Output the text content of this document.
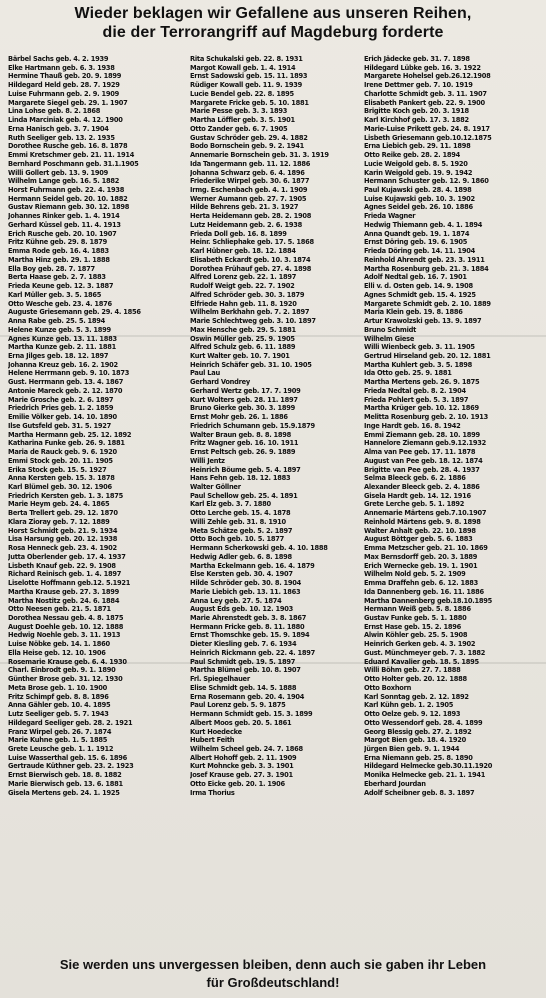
Wieder beklagen wir Gefallene aus unseren Reihen,
die der Terrorangriff auf Magdeburg forderte
Bärbel Sachs geb. 4. 2. 1939
Elke Hartmann geb. 6. 3. 1938
Hermine Thauß geb. 20. 9. 1899
Hildegard Held geb. 28. 7. 1929
Luise Fuhrmann geb. 2. 9. 1909
Margarete Siegel geb. 29. 1. 1907
Lina Lohse geb. 8. 2. 1868
Linda Marciniak geb. 4. 12. 1900
Erna Hanisch geb. 3. 7. 1904
Ruth Seeliger geb. 13. 2. 1935
Dorothee Rusche geb. 16. 8. 1878
Emmi Kretschmer geb. 21. 11. 1914
Bernhard Poschmann geb. 31.1.1905
Willi Gollert geb. 13. 9. 1909
Wilhelm Lange geb. 16. 5. 1882
Horst Fuhrmann geb. 22. 4. 1938
Hermann Seidel geb. 20. 10. 1882
Gustav Riemann geb. 30. 12. 1898
Johannes Rinker geb. 1. 4. 1914
Gerhard Küssel geb. 11. 4. 1913
Erich Rusche geb. 20. 10. 1907
Fritz Kühne geb. 29. 8. 1879
Emma Rode geb. 16. 4. 1883
Martha Hinz geb. 29. 1. 1888
Ella Boy geb. 28. 7. 1877
Berta Haase geb. 2. 7. 1883
Frieda Keune geb. 12. 3. 1887
Karl Müller geb. 3. 5. 1865
Otto Wesche geb. 23. 4. 1876
Auguste Griesemann geb. 29. 4. 1856
Anna Rabe geb. 25. 5. 1894
Helene Kunze geb. 5. 3. 1899
Agnes Kunze geb. 13. 11. 1883
Martha Kunze geb. 2. 11. 1881
Erna Jilges geb. 18. 12. 1897
Johanna Kreuz geb. 16. 2. 1902
Helene Herrmann geb. 9. 10. 1873
Gust. Herrmann geb. 13. 4. 1867
Antonie Mareck geb. 2. 12. 1870
Marie Grosche geb. 2. 6. 1897
Friedrich Pries geb. 1. 2. 1859
Emilie Völker geb. 14. 10. 1890
Ilse Gutsfeld geb. 31. 5. 1927
Martha Hermann geb. 25. 12. 1892
Katharina Funke geb. 26. 9. 1881
Maria de Rauck geb. 9. 6. 1920
Emmi Stock geb. 20. 11. 1905
Erika Stock geb. 15. 5. 1927
Anna Kersten geb. 15. 3. 1878
Karl Blümel geb. 30. 12. 1906
Friedrich Kersten geb. 1. 3. 1875
Marie Heym geb. 24. 4. 1865
Berta Trellert geb. 29. 12. 1870
Klara Zioray geb. 7. 12. 1889
Horst Schmidt geb. 21. 9. 1934
Lisa Harsung geb. 20. 12. 1938
Rosa Henneck geb. 23. 4. 1902
Jutta Oberlender geb. 17. 4. 1937
Lisbeth Knauf geb. 22. 9. 1908
Richard Reinisch geb. 1. 4. 1897
Liselotte Hoffmann geb.12. 5.1921
Martha Krause geb. 27. 3. 1899
Martha Nostitz geb. 24. 6. 1884
Otto Neesen geb. 21. 5. 1871
Dorothea Nessau geb. 4. 8. 1875
August Doehle geb. 10. 12. 1888
Hedwig Noehle geb. 3. 11. 1913
Luise Nöbke geb. 14. 1. 1860
Ella Heise geb. 12. 10. 1906
Rosemarie Krause geb. 6. 4. 1930
Charl. Einbrodt geb. 9. 1. 1890
Günther Brose geb. 31. 12. 1930
Meta Brose geb. 1. 10. 1900
Fritz Schimpf geb. 8. 8. 1896
Anna Gähler geb. 10. 4. 1895
Lutz Seeliger geb. 5. 7. 1943
Hildegard Seeliger geb. 28. 2. 1921
Franz Wirpel geb. 26. 7. 1874
Marie Kuhne geb. 1. 5. 1885
Grete Leusche geb. 1. 1. 1912
Luise Wasserthal geb. 15. 6. 1896
Gertraude Küthner geb. 23. 2. 1923
Ernst Bierwisch geb. 18. 8. 1882
Marie Bierwisch geb. 13. 6. 1881
Gisela Mertens geb. 24. 1. 1925
Rita Schukalski geb. 22. 8. 1931
Margot Kowall geb. 1. 4. 1914
Ernst Sadowski geb. 15. 11. 1893
Rüdiger Kowall geb. 11. 9. 1939
Lucie Bendel geb. 22. 8. 1895
Margarete Fricke geb. 5. 10. 1881
Marie Pesse geb. 3. 3. 1893
Martha Löffler geb. 3. 5. 1901
Otto Zander geb. 6. 7. 1905
Gustav Schröder geb. 29. 4. 1882
Bodo Bornschein geb. 9. 2. 1941
Annemarie Bornschein geb. 31. 3. 1919
Ida Tangermann geb. 11. 12. 1886
Johanna Schwarz geb. 6. 4. 1896
Friederike Wirpel geb. 30. 6. 1877
Irmg. Eschenbach geb. 4. 1. 1909
Werner Aumann geb. 27. 7. 1905
Hilde Behrens geb. 21. 3. 1927
Herta Heidemann geb. 28. 2. 1908
Lutz Heidemann geb. 2. 6. 1938
Frieda Doll geb. 16. 8. 1899
Heinr. Schliephake geb. 17. 5. 1868
Karl Hübner geb. 18. 12. 1884
Elisabeth Eckardt geb. 10. 3. 1874
Dorothea Frühauf geb. 27. 4. 1898
Alfred Lorenz geb. 22. 1. 1897
Rudolf Weigt geb. 22. 7. 1902
Alfred Schröder geb. 30. 3. 1879
Elfriede Hahn geb. 11. 8. 1920
Wilhelm Berkhahn geb. 7. 2. 1897
Marie Schlechtweg geb. 3. 10. 1897
Max Hensche geb. 29. 5. 1881
Oswin Müller geb. 25. 9. 1905
Alfred Schulz geb. 6. 11. 1889
Kurt Walter geb. 10. 7. 1901
Heinrich Schäfer geb. 31. 10. 1905
Paul Lau
Gerhard Vondrey
Gerhard Wertz geb. 17. 7. 1909
Kurt Wolters geb. 28. 11. 1897
Bruno Gierke geb. 30. 3. 1899
Ernst Mohr geb. 26. 1. 1886
Friedrich Schumann geb. 15.9.1879
Walter Braun geb. 8. 8. 1898
Fritz Wagner geb. 16. 10. 1911
Ernst Peltsch geb. 26. 9. 1889
Willi Jentz
Heinrich Böume geb. 5. 4. 1897
Hans Fehn geb. 18. 12. 1883
Walter Göllner
Paul Schellow geb. 25. 4. 1891
Karl Elz geb. 3. 7. 1880
Otto Lerche geb. 15. 4. 1878
Willi Zehle geb. 31. 8. 1910
Meta Schätze geb. 5. 2. 1897
Otto Boch geb. 10. 5. 1877
Hermann Scherkowski geb. 4. 10. 1888
Hedwig Adler geb. 6. 8. 1898
Martha Eckelmann geb. 16. 4. 1879
Else Kersten geb. 30. 4. 1907
Hilde Schröder geb. 30. 8. 1904
Marie Liebich geb. 13. 11. 1863
Anna Ley geb. 27. 5. 1874
August Eds geb. 10. 12. 1903
Marie Ahrenstedt geb. 3. 8. 1867
Hermann Fricke geb. 8. 11. 1880
Ernst Thomschke geb. 15. 9. 1894
Dieter Kiesling geb. 7. 6. 1934
Heinrich Rickmann geb. 22. 4. 1897
Paul Schmidt geb. 19. 5. 1897
Martha Blümel geb. 10. 8. 1907
Frl. Spiegelhauer
Elise Schmidt geb. 14. 5. 1888
Erna Rosemann geb. 20. 4. 1904
Paul Lorenz geb. 5. 9. 1875
Hermann Schmidt geb. 15. 3. 1899
Albert Moos geb. 20. 5. 1861
Kurt Hoedecke
Hubert Feith
Wilhelm Scheel geb. 24. 7. 1868
Albert Hohoff geb. 2. 11. 1909
Kurt Mohncke geb. 3. 3. 1901
Josef Krause geb. 27. 3. 1901
Otto Eicke geb. 20. 1. 1906
Irma Thorius
Erich Jädecke geb. 31. 7. 1898
Hildegard Lübke geb. 16. 3. 1922
Margarete Hohelsel geb.26.12.1908
Irene Dettmer geb. 7. 10. 1919
Charlotte Schmidt geb. 3. 11. 1907
Elisabeth Pankert geb. 22. 9. 1900
Brigitte Koch geb. 20. 3. 1918
Karl Kirchhof geb. 17. 3. 1882
Marie-Luise Prikett geb. 24. 8. 1917
Lisbeth Griesemann geb.10.12.1875
Erna Liebich geb. 29. 11. 1898
Otto Reike geb. 28. 2. 1894
Lucie Weigold geb. 8. 5. 1920
Karin Weigold geb. 19. 9. 1942
Hermann Schuster geb. 12. 9. 1860
Paul Kujawski geb. 28. 4. 1898
Luise Kujawski geb. 10. 3. 1902
Agnes Seidel geb. 26. 10. 1886
Frieda Wagner
Hedwig Thiemann geb. 4. 1. 1894
Anna Quandt geb. 19. 1. 1874
Ernst Döring geb. 19. 6. 1905
Frieda Döring geb. 14. 11. 1904
Reinhold Ahrendt geb. 23. 3. 1911
Martha Rosenburg geb. 21. 3. 1884
Adolf Nedtal geb. 16. 7. 1901
Elli v. d. Osten geb. 14. 9. 1908
Agnes Schmidt geb. 15. 4. 1925
Margarete Schmidt geb. 2. 10. 1889
Maria Klein geb. 19. 8. 1886
Artur Krawolzski geb. 13. 9. 1897
Bruno Schmidt
Wilhelm Giese
Willi Wienbeck geb. 3. 11. 1905
Gertrud Hirseland geb. 20. 12. 1881
Martha Kuhlert geb. 3. 5. 1898
Ida Otto geb. 25. 9. 1881
Martha Mertens geb. 26. 9. 1875
Frieda Nedtal geb. 8. 2. 1904
Frieda Pohlert geb. 5. 3. 1897
Martha Krüger geb. 10. 12. 1869
Melitta Rosenburg geb. 2. 10. 1913
Inge Hardt geb. 16. 8. 1942
Emmi Ziemann geb. 28. 10. 1899
Hannelore Ziemann geb.9.12.1932
Alma van Pee geb. 17. 11. 1878
August van Pee geb. 18. 12. 1874
Brigitte van Pee geb. 28. 4. 1937
Selma Bleeck geb. 6. 2. 1886
Alexander Bleeck geb. 2. 4. 1886
Gisela Hardt geb. 14. 12. 1916
Grete Lerche geb. 5. 1. 1892
Annemarie Märtens geb.7.10.1907
Reinhold Märtens geb. 9. 8. 1898
Walter Anhalt geb. 22. 10. 1898
August Böttger geb. 5. 6. 1883
Emma Metzscher geb. 21. 10. 1869
Max Bernsdorff geb. 20. 3. 1889
Erich Wernecke geb. 19. 1. 1901
Wilhelm Nold geb. 5. 2. 1909
Emma Draffehn geb. 6. 12. 1883
Ida Dannenberg geb. 16. 11. 1886
Martha Dannenberg geb.18.10.1895
Hermann Weiß geb. 5. 8. 1886
Gustav Funke geb. 5. 1. 1880
Ernst Hase geb. 15. 2. 1896
Alwin Köhler geb. 25. 5. 1908
Heinrich Gerken geb. 4. 3. 1902
Gust. Münchmeyer geb. 7. 3. 1882
Eduard Kavalier geb. 18. 5. 1895
Willi Böhm geb. 27. 7. 1888
Otto Holter geb. 20. 12. 1888
Otto Boxhorn
Karl Sonntag geb. 2. 12. 1892
Karl Kühn geb. 1. 2. 1905
Otto Oelze geb. 9. 12. 1893
Otto Wessendorf geb. 28. 4. 1899
Georg Blessig geb. 27. 2. 1892
Margot Bien geb. 18. 4. 1920
Jürgen Bien geb. 9. 1. 1944
Erna Niemann geb. 25. 8. 1890
Hildegard Helmecke geb.30.11.1920
Monika Helmecke geb. 21. 1. 1941
Eberhard Jourdan
Adolf Scheibner geb. 8. 3. 1897
Sie werden uns unvergessen bleiben, denn auch sie gaben ihr Leben
für Großdeutschland!
